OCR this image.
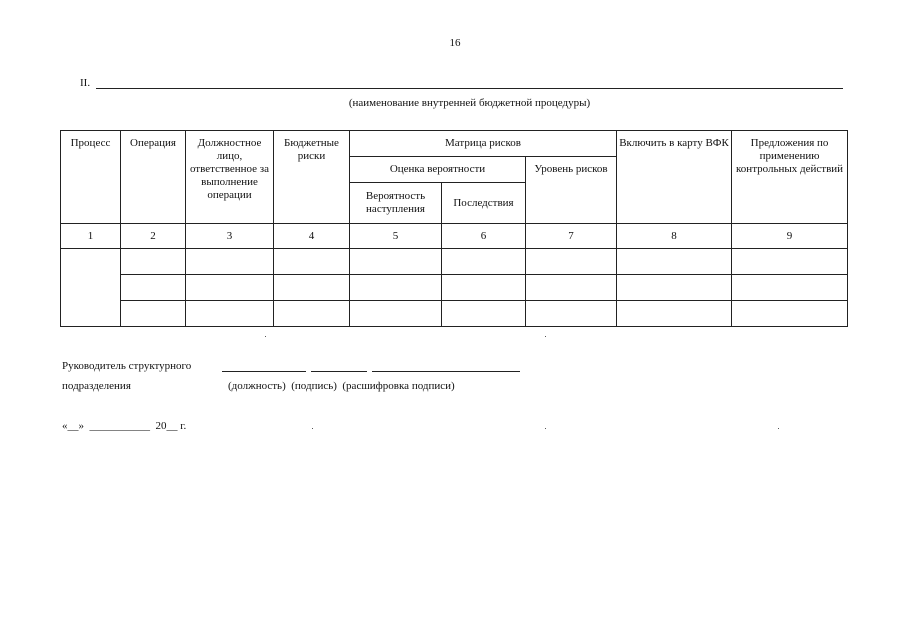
16
II.
(наименование внутренней бюджетной процедуры)
Процесс	Операция	Должностное лицо, ответственное за выполнение операции	Бюджетные риски	Матрица рисков			Включить в карту ВФК	Предложения по применению контрольных действий
				Оценка вероятности		Уровень рисков		
				Вероятность наступления	Последствия			
1	2	3	4	5	6	7	8	9

Руководитель структурного
подразделения	(должность)  (подпись)  (расшифровка подписи)
«__»  ___________  20__ г.
